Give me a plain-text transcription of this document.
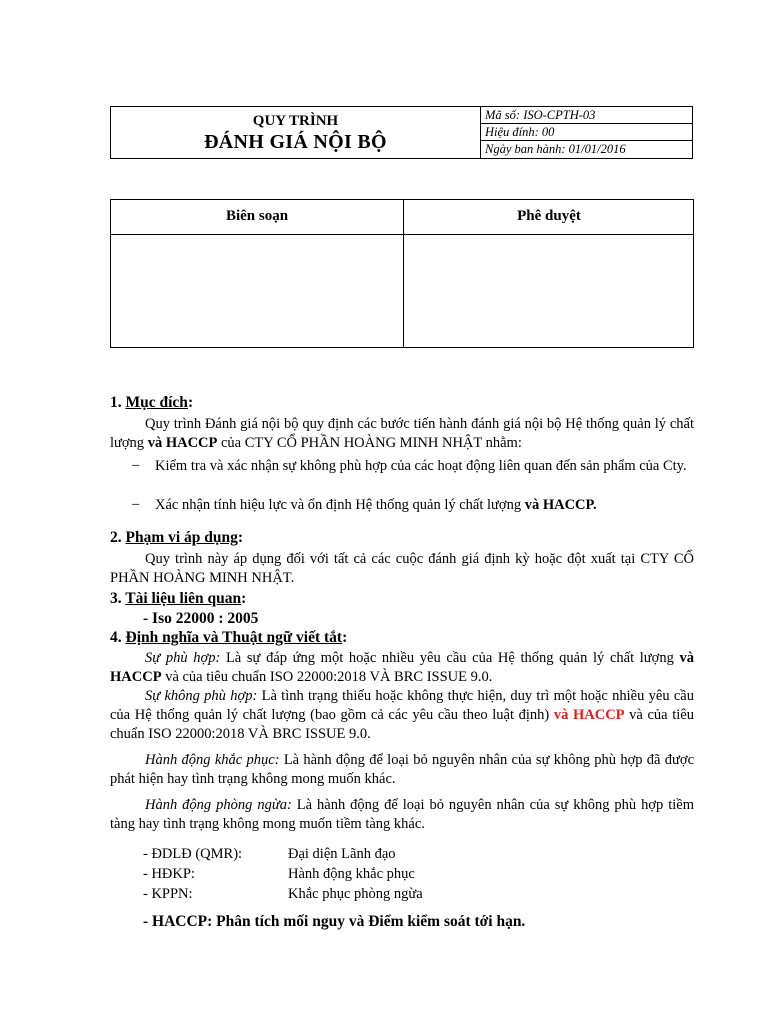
QUY TRÌNH
ĐÁNH GIÁ NỘI BỘ
Mã số: ISO-CPTH-03
Hiệu đính: 00
Ngày ban hành: 01/01/2016
Biên soạn	Phê duyệt
1. Mục đích:
Quy trình Đánh giá nội bộ quy định các bước tiến hành đánh giá nội bộ Hệ thống quản lý chất lượng và HACCP của CTY CỔ PHẦN HOÀNG MINH NHẬT nhằm:
–	Kiểm tra và xác nhận sự không phù hợp của các hoạt động liên quan đến sản phẩm của Cty.
–	Xác nhận tính hiệu lực và ổn định Hệ thống quản lý chất lượng và HACCP.
2. Phạm vi áp dụng:
Quy trình này áp dụng đối với tất cả các cuộc đánh giá định kỳ hoặc đột xuất tại CTY CỔ PHẦN HOÀNG MINH NHẬT.
3. Tài liệu liên quan:
- Iso 22000 : 2005
4. Định nghĩa và Thuật ngữ viết tắt:
Sự phù hợp: Là sự đáp ứng một hoặc nhiều yêu cầu của Hệ thống quản lý chất lượng và HACCP và của tiêu chuẩn ISO 22000:2018 VÀ BRC ISSUE 9.0.
Sự không phù hợp: Là tình trạng thiếu hoặc không thực hiện, duy trì một hoặc nhiều yêu cầu của Hệ thống quản lý chất lượng (bao gồm cả các yêu cầu theo luật định) và HACCP và của tiêu chuẩn ISO 22000:2018 VÀ BRC ISSUE 9.0.
Hành động khắc phục: Là hành động để loại bỏ nguyên nhân của sự không phù hợp đã được phát hiện hay tình trạng không mong muốn khác.
Hành động phòng ngừa: Là hành động để loại bỏ nguyên nhân của sự không phù hợp tiềm tàng hay tình trạng không mong muốn tiềm tàng khác.
- ĐDLĐ (QMR):	Đại diện Lãnh đạo
- HĐKP:	Hành động khắc phục
- KPPN:	Khắc phục phòng ngừa
- HACCP: Phân tích mối nguy và Điểm kiểm soát tới hạn.
